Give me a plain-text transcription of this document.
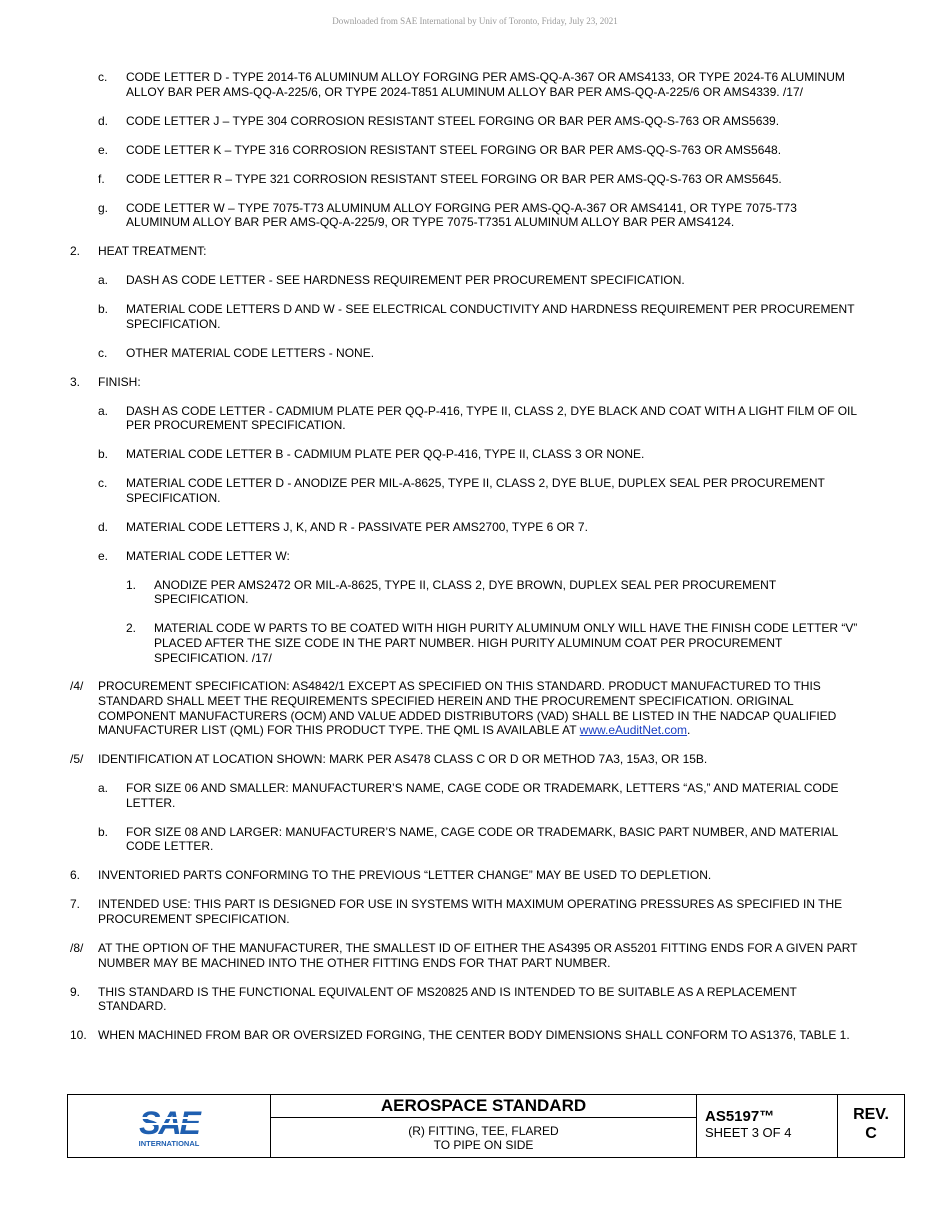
Downloaded from SAE International by Univ of Toronto, Friday, July 23, 2021
c.	CODE LETTER D - TYPE 2014-T6 ALUMINUM ALLOY FORGING PER AMS-QQ-A-367 OR AMS4133, OR TYPE 2024-T6 ALUMINUM ALLOY BAR PER AMS-QQ-A-225/6, OR TYPE 2024-T851 ALUMINUM ALLOY BAR PER AMS-QQ-A-225/6 OR AMS4339. /17/
d.	CODE LETTER J – TYPE 304 CORROSION RESISTANT STEEL FORGING OR BAR PER AMS-QQ-S-763 OR AMS5639.
e.	CODE LETTER K – TYPE 316 CORROSION RESISTANT STEEL FORGING OR BAR PER AMS-QQ-S-763 OR AMS5648.
f.	CODE LETTER R – TYPE 321 CORROSION RESISTANT STEEL FORGING OR BAR PER AMS-QQ-S-763 OR AMS5645.
g.	CODE LETTER W – TYPE 7075-T73 ALUMINUM ALLOY FORGING PER AMS-QQ-A-367 OR AMS4141, OR TYPE 7075-T73 ALUMINUM ALLOY BAR PER AMS-QQ-A-225/9, OR TYPE 7075-T7351 ALUMINUM ALLOY BAR PER AMS4124.
2.	HEAT TREATMENT:
a.	DASH AS CODE LETTER - SEE HARDNESS REQUIREMENT PER PROCUREMENT SPECIFICATION.
b.	MATERIAL CODE LETTERS D AND W - SEE ELECTRICAL CONDUCTIVITY AND HARDNESS REQUIREMENT PER PROCUREMENT SPECIFICATION.
c.	OTHER MATERIAL CODE LETTERS - NONE.
3.	FINISH:
a.	DASH AS CODE LETTER - CADMIUM PLATE PER QQ-P-416, TYPE II, CLASS 2, DYE BLACK AND COAT WITH A LIGHT FILM OF OIL PER PROCUREMENT SPECIFICATION.
b.	MATERIAL CODE LETTER B - CADMIUM PLATE PER QQ-P-416, TYPE II, CLASS 3 OR NONE.
c.	MATERIAL CODE LETTER D - ANODIZE PER MIL-A-8625, TYPE II, CLASS 2, DYE BLUE, DUPLEX SEAL PER PROCUREMENT SPECIFICATION.
d.	MATERIAL CODE LETTERS J, K, AND R - PASSIVATE PER AMS2700, TYPE 6 OR 7.
e.	MATERIAL CODE LETTER W:
1.	ANODIZE PER AMS2472 OR MIL-A-8625, TYPE II, CLASS 2, DYE BROWN, DUPLEX SEAL PER PROCUREMENT SPECIFICATION.
2.	MATERIAL CODE W PARTS TO BE COATED WITH HIGH PURITY ALUMINUM ONLY WILL HAVE THE FINISH CODE LETTER “V” PLACED AFTER THE SIZE CODE IN THE PART NUMBER. HIGH PURITY ALUMINUM COAT PER PROCUREMENT SPECIFICATION. /17/
/4/	PROCUREMENT SPECIFICATION: AS4842/1 EXCEPT AS SPECIFIED ON THIS STANDARD. PRODUCT MANUFACTURED TO THIS STANDARD SHALL MEET THE REQUIREMENTS SPECIFIED HEREIN AND THE PROCUREMENT SPECIFICATION. ORIGINAL COMPONENT MANUFACTURERS (OCM) AND VALUE ADDED DISTRIBUTORS (VAD) SHALL BE LISTED IN THE NADCAP QUALIFIED MANUFACTURER LIST (QML) FOR THIS PRODUCT TYPE. THE QML IS AVAILABLE AT www.eAuditNet.com.
/5/	IDENTIFICATION AT LOCATION SHOWN: MARK PER AS478 CLASS C OR D OR METHOD 7A3, 15A3, OR 15B.
a.	FOR SIZE 06 AND SMALLER: MANUFACTURER’S NAME, CAGE CODE OR TRADEMARK, LETTERS “AS,” AND MATERIAL CODE LETTER.
b.	FOR SIZE 08 AND LARGER: MANUFACTURER’S NAME, CAGE CODE OR TRADEMARK, BASIC PART NUMBER, AND MATERIAL CODE LETTER.
6.	INVENTORIED PARTS CONFORMING TO THE PREVIOUS “LETTER CHANGE” MAY BE USED TO DEPLETION.
7.	INTENDED USE: THIS PART IS DESIGNED FOR USE IN SYSTEMS WITH MAXIMUM OPERATING PRESSURES AS SPECIFIED IN THE PROCUREMENT SPECIFICATION.
/8/	AT THE OPTION OF THE MANUFACTURER, THE SMALLEST ID OF EITHER THE AS4395 OR AS5201 FITTING ENDS FOR A GIVEN PART NUMBER MAY BE MACHINED INTO THE OTHER FITTING ENDS FOR THAT PART NUMBER.
9.	THIS STANDARD IS THE FUNCTIONAL EQUIVALENT OF MS20825 AND IS INTENDED TO BE SUITABLE AS A REPLACEMENT STANDARD.
10. WHEN MACHINED FROM BAR OR OVERSIZED FORGING, THE CENTER BODY DIMENSIONS SHALL CONFORM TO AS1376, TABLE 1.
INTERNATIONAL
AEROSPACE STANDARD
(R) FITTING, TEE, FLARED
TO PIPE ON SIDE
AS5197™
SHEET 3 OF 4
REV.
C
